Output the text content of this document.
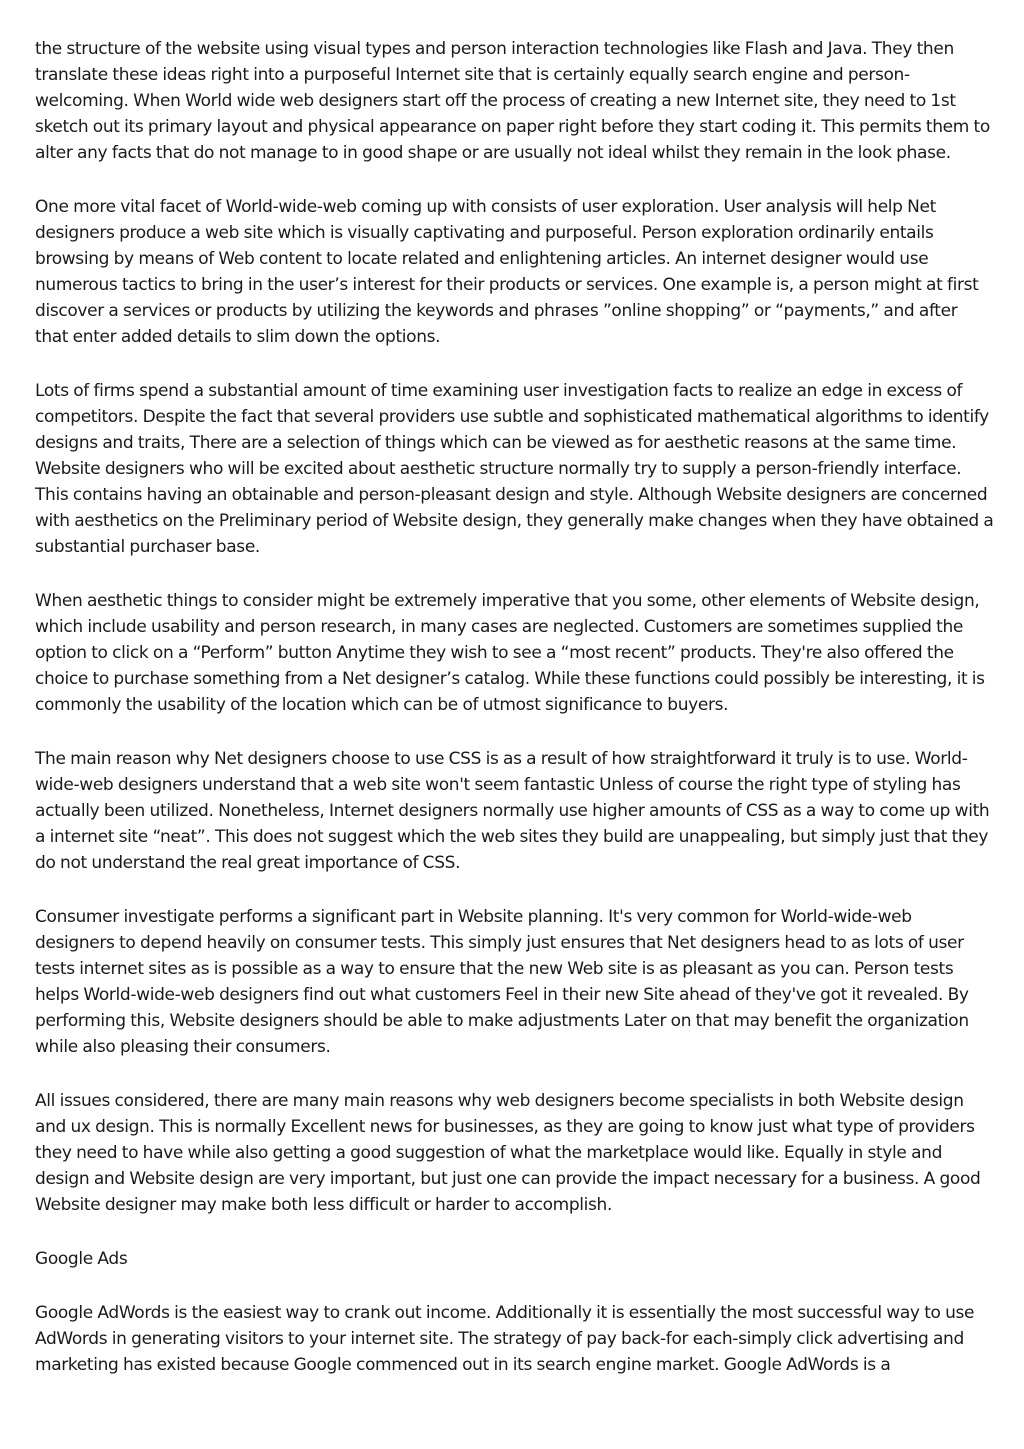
the structure of the website using visual types and person interaction technologies like Flash and Java. They then translate these ideas right into a purposeful Internet site that is certainly equally search engine and person-welcoming. When World wide web designers start off the process of creating a new Internet site, they need to 1st sketch out its primary layout and physical appearance on paper right before they start coding it. This permits them to alter any facts that do not manage to in good shape or are usually not ideal whilst they remain in the look phase.

One more vital facet of World-wide-web coming up with consists of user exploration. User analysis will help Net designers produce a web site which is visually captivating and purposeful. Person exploration ordinarily entails browsing by means of Web content to locate related and enlightening articles. An internet designer would use numerous tactics to bring in the user’s interest for their products or services. One example is, a person might at first discover a services or products by utilizing the keywords and phrases ”online shopping” or “payments,” and after that enter added details to slim down the options.

Lots of firms spend a substantial amount of time examining user investigation facts to realize an edge in excess of competitors. Despite the fact that several providers use subtle and sophisticated mathematical algorithms to identify designs and traits, There are a selection of things which can be viewed as for aesthetic reasons at the same time. Website designers who will be excited about aesthetic structure normally try to supply a person-friendly interface. This contains having an obtainable and person-pleasant design and style. Although Website designers are concerned with aesthetics on the Preliminary period of Website design, they generally make changes when they have obtained a substantial purchaser base.

When aesthetic things to consider might be extremely imperative that you some, other elements of Website design, which include usability and person research, in many cases are neglected. Customers are sometimes supplied the option to click on a “Perform” button Anytime they wish to see a “most recent” products. They're also offered the choice to purchase something from a Net designer’s catalog. While these functions could possibly be interesting, it is commonly the usability of the location which can be of utmost significance to buyers.

The main reason why Net designers choose to use CSS is as a result of how straightforward it truly is to use. World-wide-web designers understand that a web site won't seem fantastic Unless of course the right type of styling has actually been utilized. Nonetheless, Internet designers normally use higher amounts of CSS as a way to come up with a internet site “neat”. This does not suggest which the web sites they build are unappealing, but simply just that they do not understand the real great importance of CSS.

Consumer investigate performs a significant part in Website planning. It's very common for World-wide-web designers to depend heavily on consumer tests. This simply just ensures that Net designers head to as lots of user tests internet sites as is possible as a way to ensure that the new Web site is as pleasant as you can. Person tests helps World-wide-web designers find out what customers Feel in their new Site ahead of they've got it revealed. By performing this, Website designers should be able to make adjustments Later on that may benefit the organization while also pleasing their consumers.

All issues considered, there are many main reasons why web designers become specialists in both Website design and ux design. This is normally Excellent news for businesses, as they are going to know just what type of providers they need to have while also getting a good suggestion of what the marketplace would like. Equally in style and design and Website design are very important, but just one can provide the impact necessary for a business. A good Website designer may make both less difficult or harder to accomplish.

Google Ads

Google AdWords is the easiest way to crank out income. Additionally it is essentially the most successful way to use AdWords in generating visitors to your internet site. The strategy of pay back-for each-simply click advertising and marketing has existed because Google commenced out in its search engine market. Google AdWords is a
